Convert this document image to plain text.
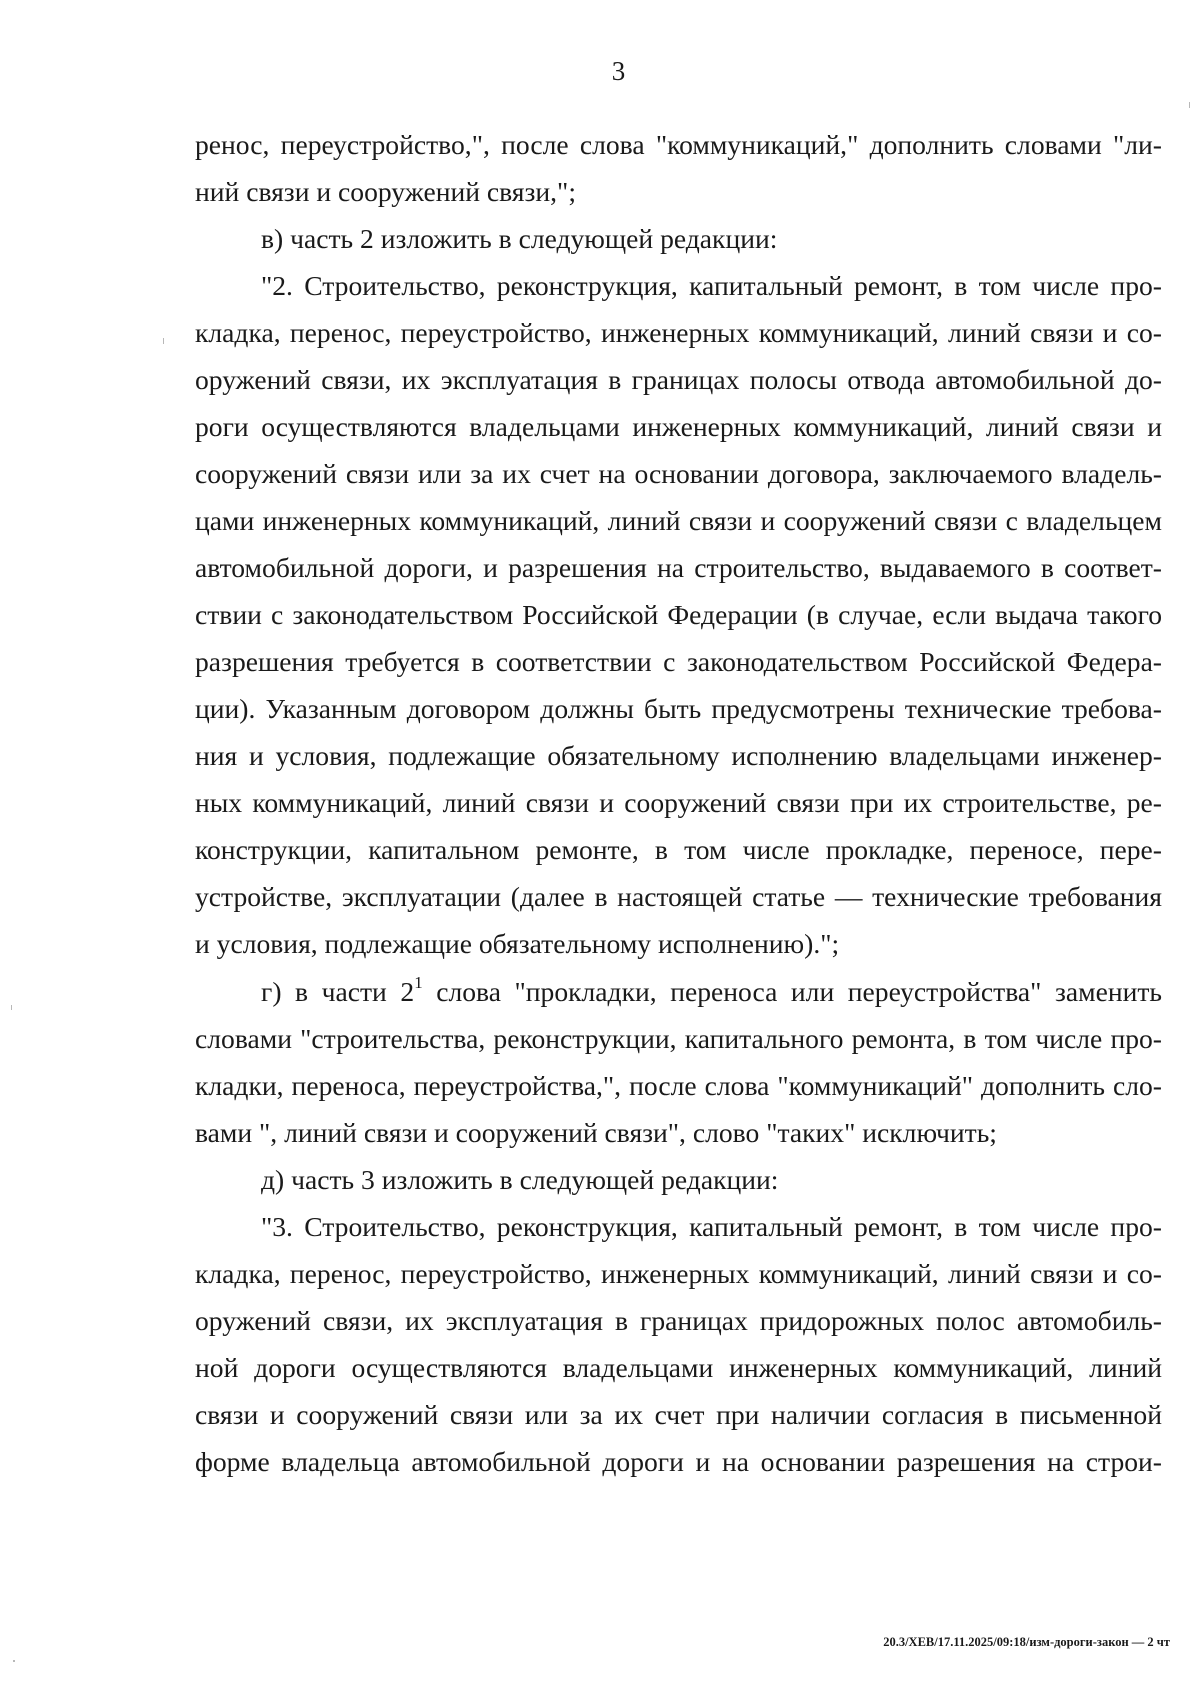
3
ренос, переустройство,", после слова "коммуникаций," дополнить словами "ли-
ний связи и сооружений связи,";
в) часть 2 изложить в следующей редакции:
"2. Строительство, реконструкция, капитальный ремонт, в том числе про-
кладка, перенос, переустройство, инженерных коммуникаций, линий связи и со-
оружений связи, их эксплуатация в границах полосы отвода автомобильной до-
роги осуществляются владельцами инженерных коммуникаций, линий связи и
сооружений связи или за их счет на основании договора, заключаемого владель-
цами инженерных коммуникаций, линий связи и сооружений связи с владельцем
автомобильной дороги, и разрешения на строительство, выдаваемого в соответ-
ствии с законодательством Российской Федерации (в случае, если выдача такого
разрешения требуется в соответствии с законодательством Российской Федера-
ции). Указанным договором должны быть предусмотрены технические требова-
ния и условия, подлежащие обязательному исполнению владельцами инженер-
ных коммуникаций, линий связи и сооружений связи при их строительстве, ре-
конструкции, капитальном ремонте, в том числе прокладке, переносе, пере-
устройстве, эксплуатации (далее в настоящей статье — технические требования
и условия, подлежащие обязательному исполнению).";
г) в части $2^1$ слова "прокладки, переноса или переустройства" заменить
словами "строительства, реконструкции, капитального ремонта, в том числе про-
кладки, переноса, переустройства,", после слова "коммуникаций" дополнить сло-
вами ", линий связи и сооружений связи", слово "таких" исключить;
д) часть 3 изложить в следующей редакции:
"3. Строительство, реконструкция, капитальный ремонт, в том числе про-
кладка, перенос, переустройство, инженерных коммуникаций, линий связи и со-
оружений связи, их эксплуатация в границах придорожных полос автомобиль-
ной дороги осуществляются владельцами инженерных коммуникаций, линий
связи и сооружений связи или за их счет при наличии согласия в письменной
форме владельца автомобильной дороги и на основании разрешения на строи-
20.3/ХЕВ/17.11.2025/09:18/изм-дороги-закон — 2 чт
